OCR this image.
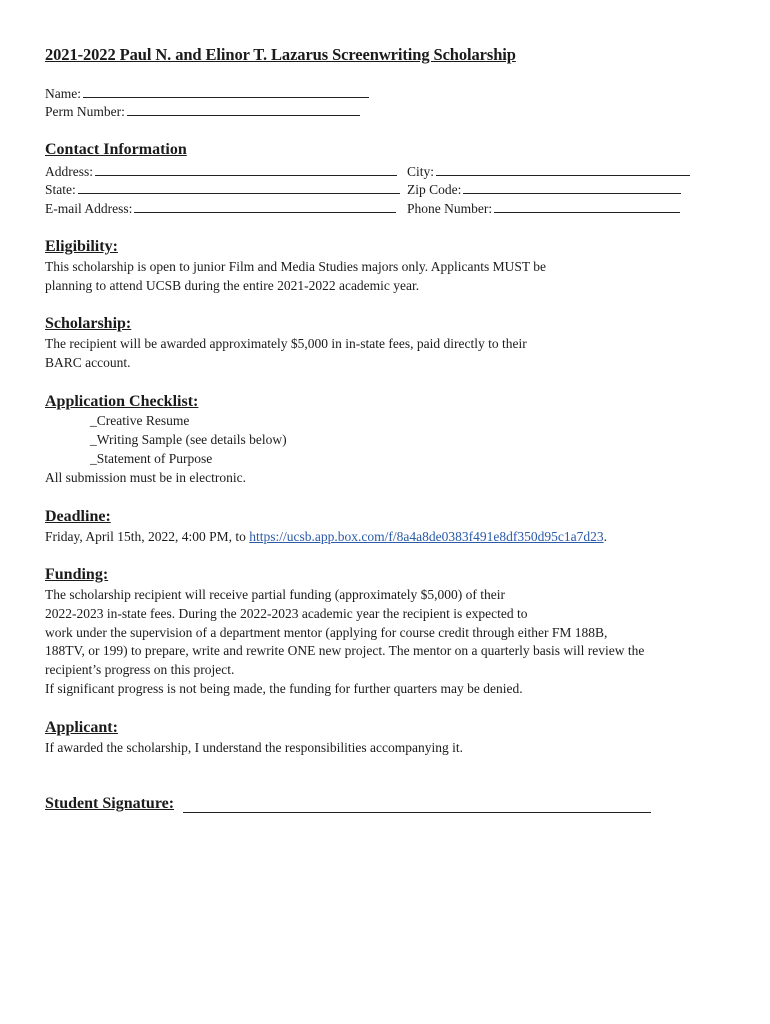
2021-2022 Paul N. and Elinor T. Lazarus Screenwriting Scholarship
Name:
Perm Number:
Contact Information
Address:	City:
State:	Zip Code:
E-mail Address:	Phone Number:
Eligibility:
This scholarship is open to junior Film and Media Studies majors only. Applicants MUST be
planning to attend UCSB during the entire 2021-2022 academic year.
Scholarship:
The recipient will be awarded approximately $5,000 in in-state fees, paid directly to their
BARC account.
Application Checklist:
_Creative Resume
_Writing Sample (see details below)
_Statement of Purpose
All submission must be in electronic.
Deadline:
Friday, April 15th, 2022, 4:00 PM, to https://ucsb.app.box.com/f/8a4a8de0383f491e8df350d95c1a7d23.
Funding:
The scholarship recipient will receive partial funding (approximately $5,000) of their
2022-2023 in-state fees. During the 2022-2023 academic year the recipient is expected to
work under the supervision of a department mentor (applying for course credit through either FM 188B,
188TV, or 199) to prepare, write and rewrite ONE new project. The mentor on a quarterly basis will review the
recipient’s progress on this project.
If significant progress is not being made, the funding for further quarters may be denied.
Applicant:
If awarded the scholarship, I understand the responsibilities accompanying it.
Student Signature:
